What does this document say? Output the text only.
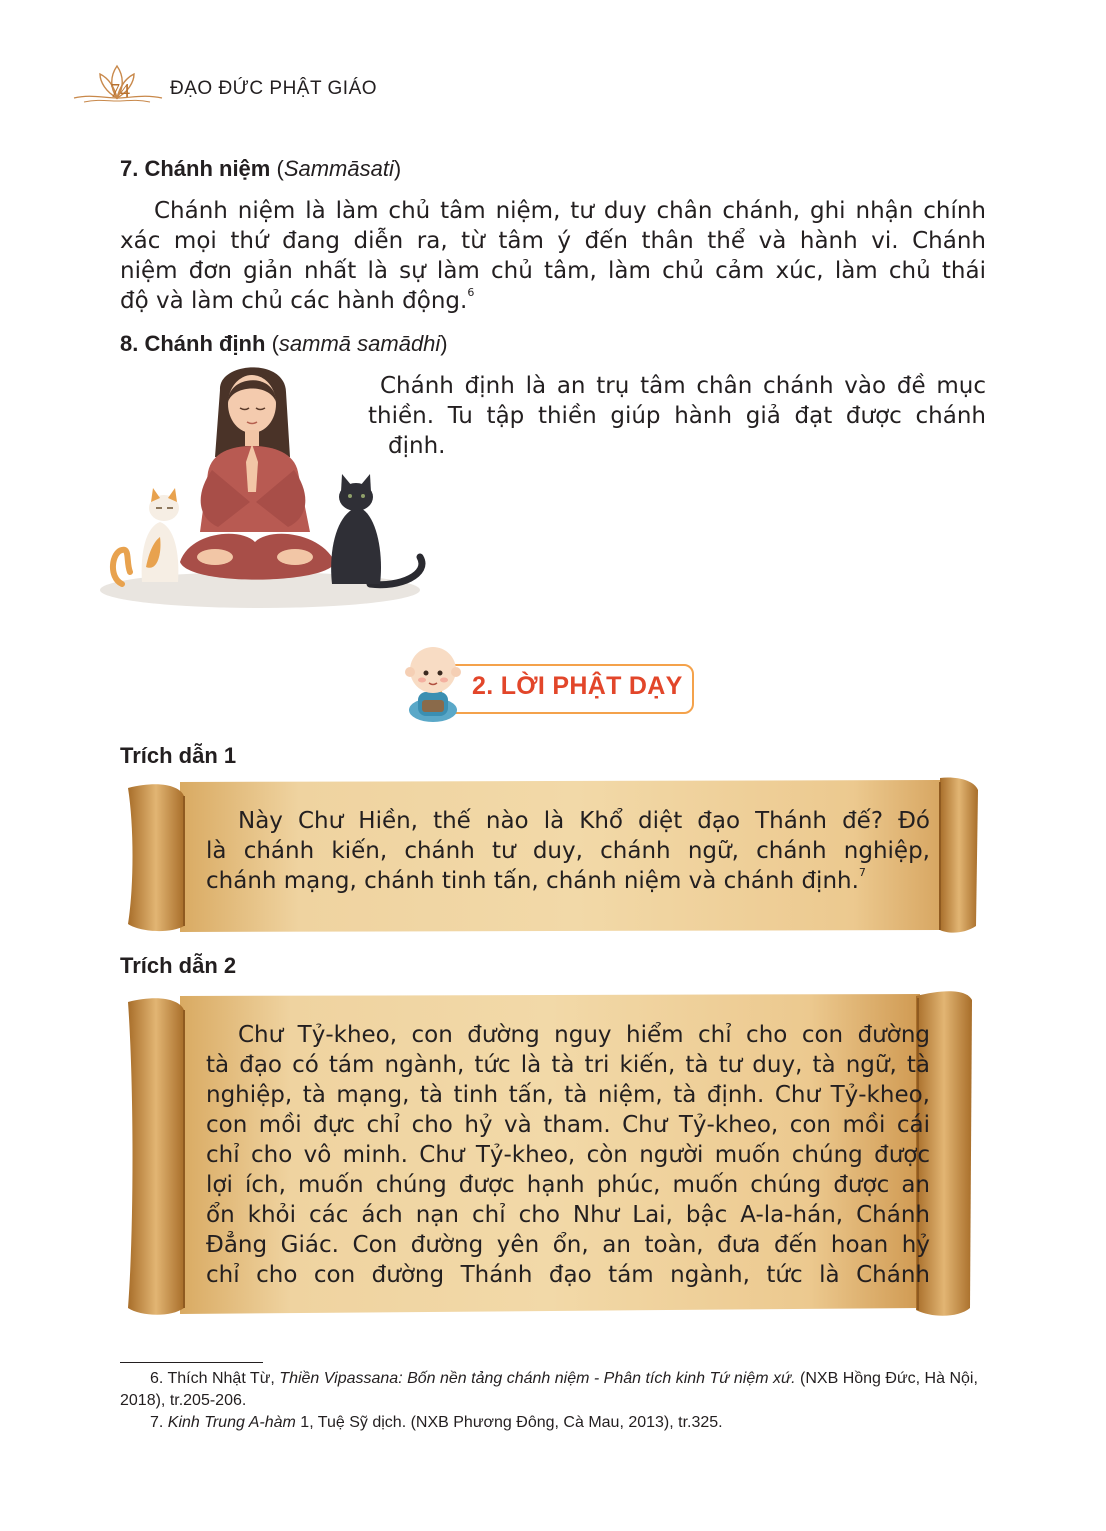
74 ĐẠO ĐỨC PHẬT GIÁO
7. Chánh niệm (Sammāsati)
Chánh niệm là làm chủ tâm niệm, tư duy chân chánh, ghi nhận chính
xác mọi thứ đang diễn ra, từ tâm ý đến thân thể và hành vi. Chánh
niệm đơn giản nhất là sự làm chủ tâm, làm chủ cảm xúc, làm chủ thái
độ và làm chủ các hành động.$^6$
8. Chánh định (sammā samādhi)
Chánh định là an trụ tâm chân chánh vào đề mục
thiền. Tu tập thiền giúp hành giả đạt được chánh
định.
2. LỜI PHẬT DẠY
Trích dẫn 1
Này Chư Hiền, thế nào là Khổ diệt đạo Thánh đế? Đó
là chánh kiến, chánh tư duy, chánh ngữ, chánh nghiệp,
chánh mạng, chánh tinh tấn, chánh niệm và chánh định.$^7$
Trích dẫn 2
Chư Tỷ-kheo, con đường nguy hiểm chỉ cho con đường
tà đạo có tám ngành, tức là tà tri kiến, tà tư duy, tà ngữ, tà
nghiệp, tà mạng, tà tinh tấn, tà niệm, tà định. Chư Tỷ-kheo,
con mồi đực chỉ cho hỷ và tham. Chư Tỷ-kheo, con mồi cái
chỉ cho vô minh. Chư Tỷ-kheo, còn người muốn chúng được
lợi ích, muốn chúng được hạnh phúc, muốn chúng được an
ổn khỏi các ách nạn chỉ cho Như Lai, bậc A-la-hán, Chánh
Đẳng Giác. Con đường yên ổn, an toàn, đưa đến hoan hỷ
chỉ cho con đường Thánh đạo tám ngành, tức là Chánh

6. Thích Nhật Từ, Thiền Vipassana: Bốn nền tảng chánh niệm - Phân tích kinh Tứ niệm xứ. (NXB Hồng Đức, Hà Nội, 2018), tr.205-206.

7. Kinh Trung A-hàm 1, Tuệ Sỹ dịch. (NXB Phương Đông, Cà Mau, 2013), tr.325.
